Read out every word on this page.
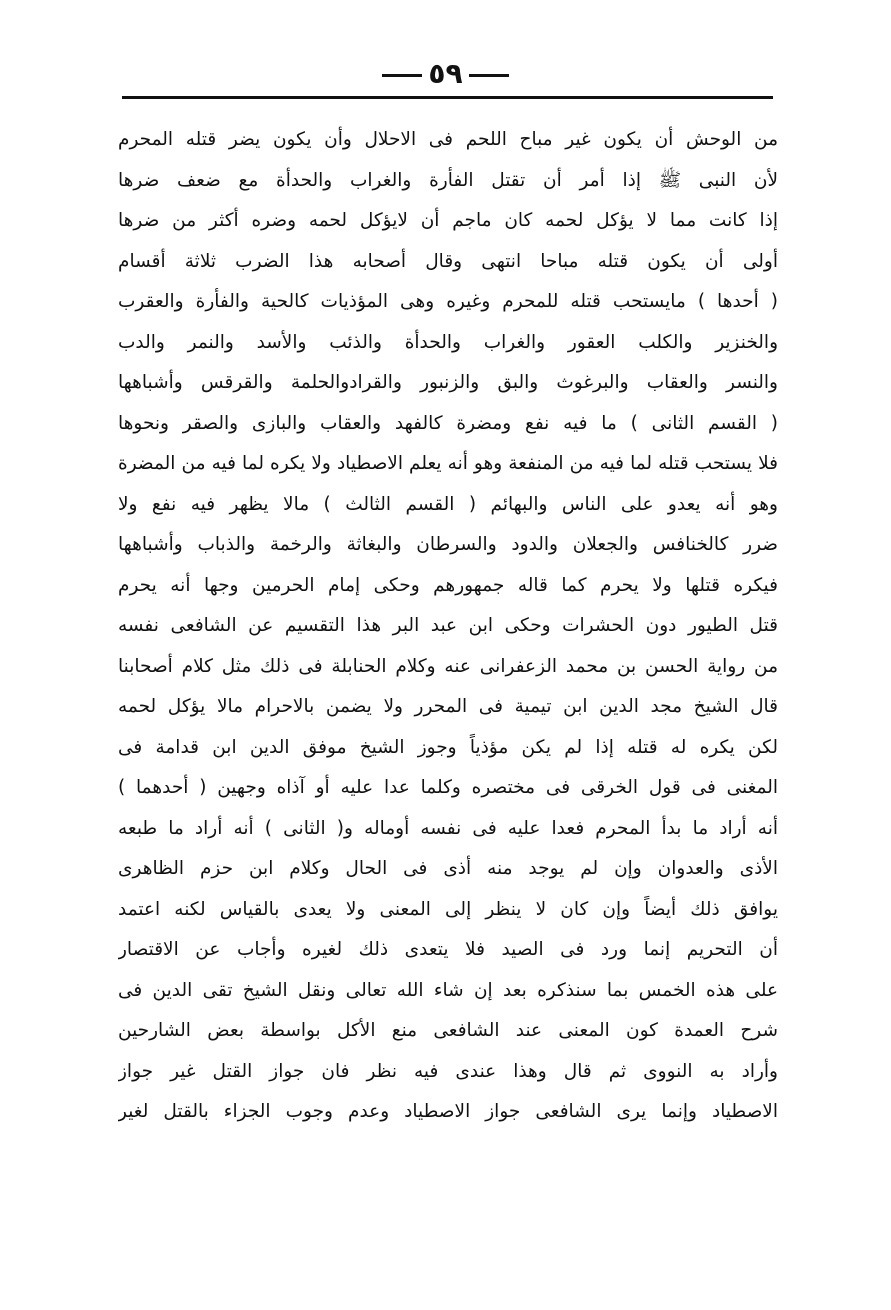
٥٩
من الوحش أن يكون غير مباح اللحم فى الاحلال وأن يكون يضر قتله المحرم
لأن النبى ﷺ إذا أمر أن تقتل الفأرة والغراب والحدأة مع ضعف ضرها
إذا كانت مما لا يؤكل لحمه كان ماجم أن لايؤكل لحمه وضره أكثر من ضرها
أولى أن يكون قتله مباحا انتهى وقال أصحابه هذا الضرب ثلاثة أقسام
( أحدها ) مايستحب قتله للمحرم وغيره وهى المؤذيات كالحية والفأرة والعقرب
والخنزير والكلب العقور والغراب والحدأة والذئب والأسد والنمر والدب
والنسر والعقاب والبرغوث والبق والزنبور والقرادوالحلمة والقرقس وأشباهها
( القسم الثانى ) ما فيه نفع ومضرة كالفهد والعقاب والبازى والصقر ونحوها
فلا يستحب قتله لما فيه من المنفعة وهو أنه يعلم الاصطياد ولا يكره لما فيه من المضرة
وهو أنه يعدو على الناس والبهائم ( القسم الثالث ) مالا يظهر فيه نفع ولا
ضرر كالخنافس والجعلان والدود والسرطان والبغاثة والرخمة والذباب وأشباهها
فيكره قتلها ولا يحرم كما قاله جمهورهم وحكى إمام الحرمين وجها أنه يحرم
قتل الطيور دون الحشرات وحكى ابن عبد البر هذا التقسيم عن الشافعى نفسه
من رواية الحسن بن محمد الزعفرانى عنه وكلام الحنابلة فى ذلك مثل كلام أصحابنا
قال الشيخ مجد الدين ابن تيمية فى المحرر ولا يضمن بالاحرام مالا يؤكل لحمه
لكن يكره له قتله إذا لم يكن مؤذياً وجوز الشيخ موفق الدين ابن قدامة فى
المغنى فى قول الخرقى فى مختصره وكلما عدا عليه أو آذاه وجهين ( أحدهما )
أنه أراد ما بدأ المحرم فعدا عليه فى نفسه أوماله و( الثانى ) أنه أراد ما طبعه
الأذى والعدوان وإن لم يوجد منه أذى فى الحال وكلام ابن حزم الظاهرى
يوافق ذلك أيضاً وإن كان لا ينظر إلى المعنى ولا يعدى بالقياس لكنه اعتمد
أن التحريم إنما ورد فى الصيد فلا يتعدى ذلك لغيره وأجاب عن الاقتصار
على هذه الخمس بما سنذكره بعد إن شاء الله تعالى ونقل الشيخ تقى الدين فى
شرح العمدة كون المعنى عند الشافعى منع الأكل بواسطة بعض الشارحين
وأراد به النووى ثم قال وهذا عندى فيه نظر فان جواز القتل غير جواز
الاصطياد وإنما يرى الشافعى جواز الاصطياد وعدم وجوب الجزاء بالقتل لغير
